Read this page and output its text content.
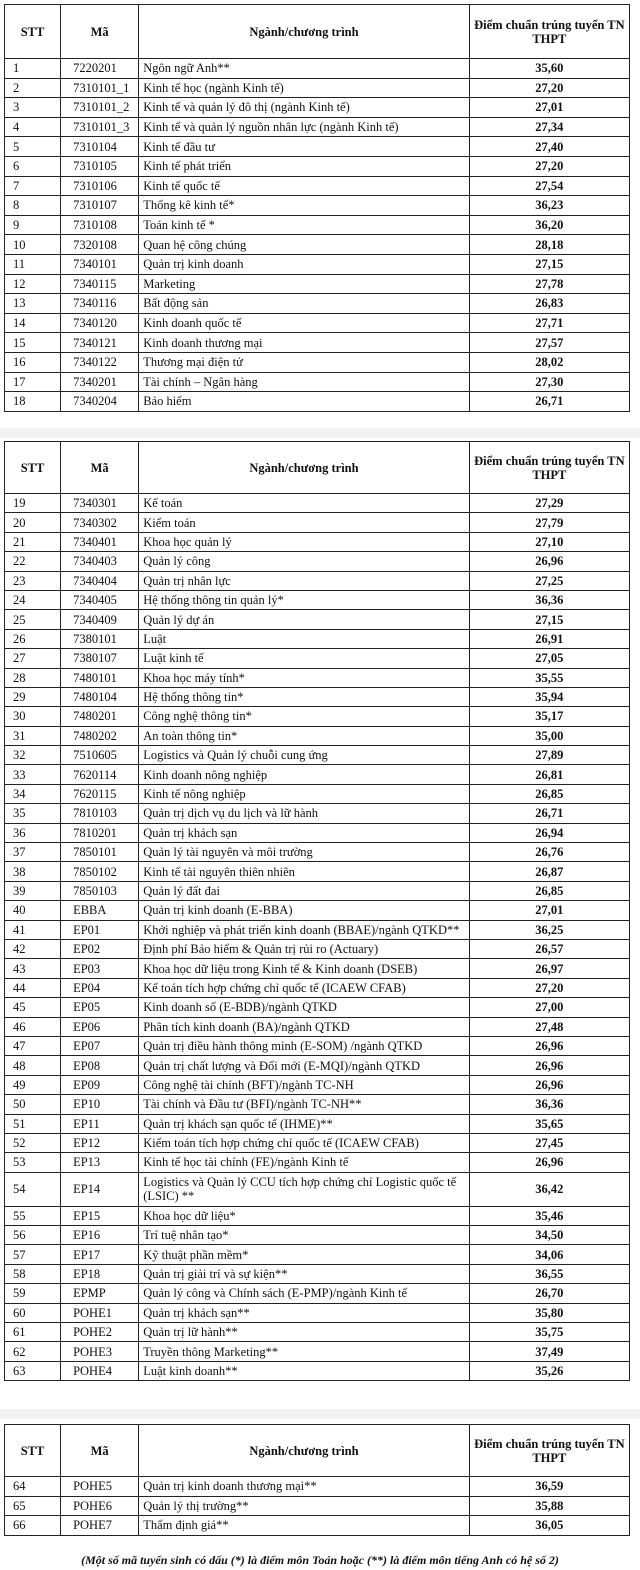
STT	Mã	Ngành/chương trình	Điểm chuẩn trúng tuyển TN THPT
1	7220201	Ngôn ngữ Anh**	35,60
2	7310101_1	Kinh tế học (ngành Kinh tế)	27,20
3	7310101_2	Kinh tế và quản lý đô thị (ngành Kinh tế)	27,01
4	7310101_3	Kinh tế và quản lý nguồn nhân lực (ngành Kinh tế)	27,34
5	7310104	Kinh tế đầu tư	27,40
6	7310105	Kinh tế phát triển	27,20
7	7310106	Kinh tế quốc tế	27,54
8	7310107	Thống kê kinh tế*	36,23
9	7310108	Toán kinh tế *	36,20
10	7320108	Quan hệ công chúng	28,18
11	7340101	Quản trị kinh doanh	27,15
12	7340115	Marketing	27,78
13	7340116	Bất động sản	26,83
14	7340120	Kinh doanh quốc tế	27,71
15	7340121	Kinh doanh thương mại	27,57
16	7340122	Thương mại điện tử	28,02
17	7340201	Tài chính – Ngân hàng	27,30
18	7340204	Bảo hiểm	26,71
STT	Mã	Ngành/chương trình	Điểm chuẩn trúng tuyển TN THPT
19	7340301	Kế toán	27,29
20	7340302	Kiểm toán	27,79
21	7340401	Khoa học quản lý	27,10
22	7340403	Quản lý công	26,96
23	7340404	Quản trị nhân lực	27,25
24	7340405	Hệ thống thông tin quản lý*	36,36
25	7340409	Quản lý dự án	27,15
26	7380101	Luật	26,91
27	7380107	Luật kinh tế	27,05
28	7480101	Khoa học máy tính*	35,55
29	7480104	Hệ thống thông tin*	35,94
30	7480201	Công nghệ thông tin*	35,17
31	7480202	An toàn thông tin*	35,00
32	7510605	Logistics và Quản lý chuỗi cung ứng	27,89
33	7620114	Kinh doanh nông nghiệp	26,81
34	7620115	Kinh tế nông nghiệp	26,85
35	7810103	Quản trị dịch vụ du lịch và lữ hành	26,71
36	7810201	Quản trị khách sạn	26,94
37	7850101	Quản lý tài nguyên và môi trường	26,76
38	7850102	Kinh tế tài nguyên thiên nhiên	26,87
39	7850103	Quản lý đất đai	26,85
40	EBBA	Quản trị kinh doanh (E-BBA)	27,01
41	EP01	Khởi nghiệp và phát triển kinh doanh (BBAE)/ngành QTKD**	36,25
42	EP02	Định phí Bảo hiểm & Quản trị rủi ro (Actuary)	26,57
43	EP03	Khoa học dữ liệu trong Kinh tế & Kinh doanh (DSEB)	26,97
44	EP04	Kế toán tích hợp chứng chỉ quốc tế (ICAEW CFAB)	27,20
45	EP05	Kinh doanh số (E-BDB)/ngành QTKD	27,00
46	EP06	Phân tích kinh doanh (BA)/ngành QTKD	27,48
47	EP07	Quản trị điều hành thông minh (E-SOM) /ngành QTKD	26,96
48	EP08	Quản trị chất lượng và Đổi mới (E-MQI)/ngành QTKD	26,96
49	EP09	Công nghệ tài chính (BFT)/ngành TC-NH	26,96
50	EP10	Tài chính và Đầu tư (BFI)/ngành TC-NH**	36,36
51	EP11	Quản trị khách sạn quốc tế (IHME)**	35,65
52	EP12	Kiểm toán tích hợp chứng chỉ quốc tế (ICAEW CFAB)	27,45
53	EP13	Kinh tế học tài chính (FE)/ngành Kinh tế	26,96
54	EP14	Logistics và Quản lý CCU tích hợp chứng chỉ Logistic quốc tế (LSIC) **	36,42
55	EP15	Khoa học dữ liệu*	35,46
56	EP16	Trí tuệ nhân tạo*	34,50
57	EP17	Kỹ thuật phần mềm*	34,06
58	EP18	Quản trị giải trí và sự kiện**	36,55
59	EPMP	Quản lý công và Chính sách (E-PMP)/ngành Kinh tế	26,70
60	POHE1	Quản trị khách sạn**	35,80
61	POHE2	Quản trị lữ hành**	35,75
62	POHE3	Truyền thông Marketing**	37,49
63	POHE4	Luật kinh doanh**	35,26
STT	Mã	Ngành/chương trình	Điểm chuẩn trúng tuyển TN THPT
64	POHE5	Quản trị kinh doanh thương mại**	36,59
65	POHE6	Quản lý thị trường**	35,88
66	POHE7	Thẩm định giá**	36,05
(Một số mã tuyển sinh có dấu (*) là điểm môn Toán hoặc (**) là điểm môn tiếng Anh có hệ số 2)
